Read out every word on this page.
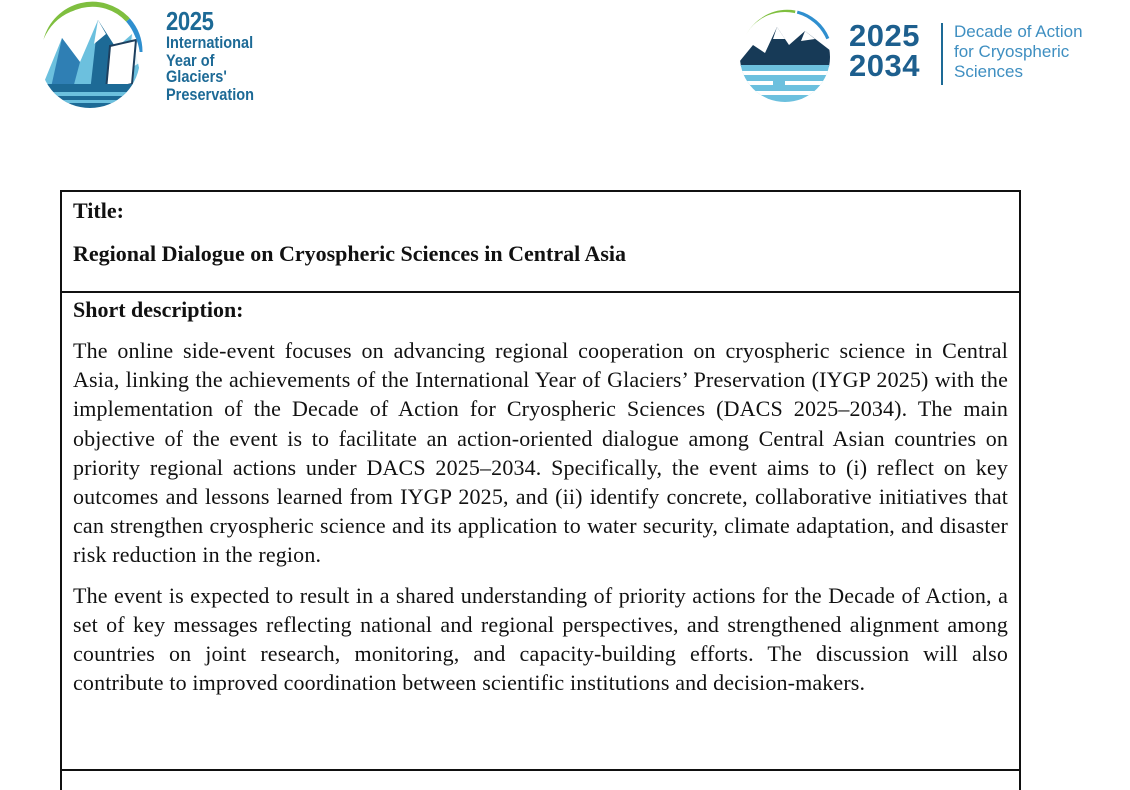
2025
International
Year of Glaciers'
Preservation
2025
2034
Decade of Action
for Cryospheric
Sciences

Title:

Regional Dialogue on Cryospheric Sciences in Central Asia

Short description:

The online side-event focuses on advancing regional cooperation on cryospheric science in Central Asia, linking the achievements of the International Year of Glaciers’ Preservation (IYGP 2025) with the implementation of the Decade of Action for Cryospheric Sciences (DACS 2025–2034). The main objective of the event is to facilitate an action-oriented dialogue among Central Asian countries on priority regional actions under DACS 2025–2034. Specifically, the event aims to (i) reflect on key outcomes and lessons learned from IYGP 2025, and (ii) identify concrete, collaborative initiatives that can strengthen cryospheric science and its application to water security, climate adaptation, and disaster risk reduction in the region.

The event is expected to result in a shared understanding of priority actions for the Decade of Action, a set of key messages reflecting national and regional perspectives, and strengthened alignment among countries on joint research, monitoring, and capacity-building efforts. The discussion will also contribute to improved coordination between scientific institutions and decision-makers.
